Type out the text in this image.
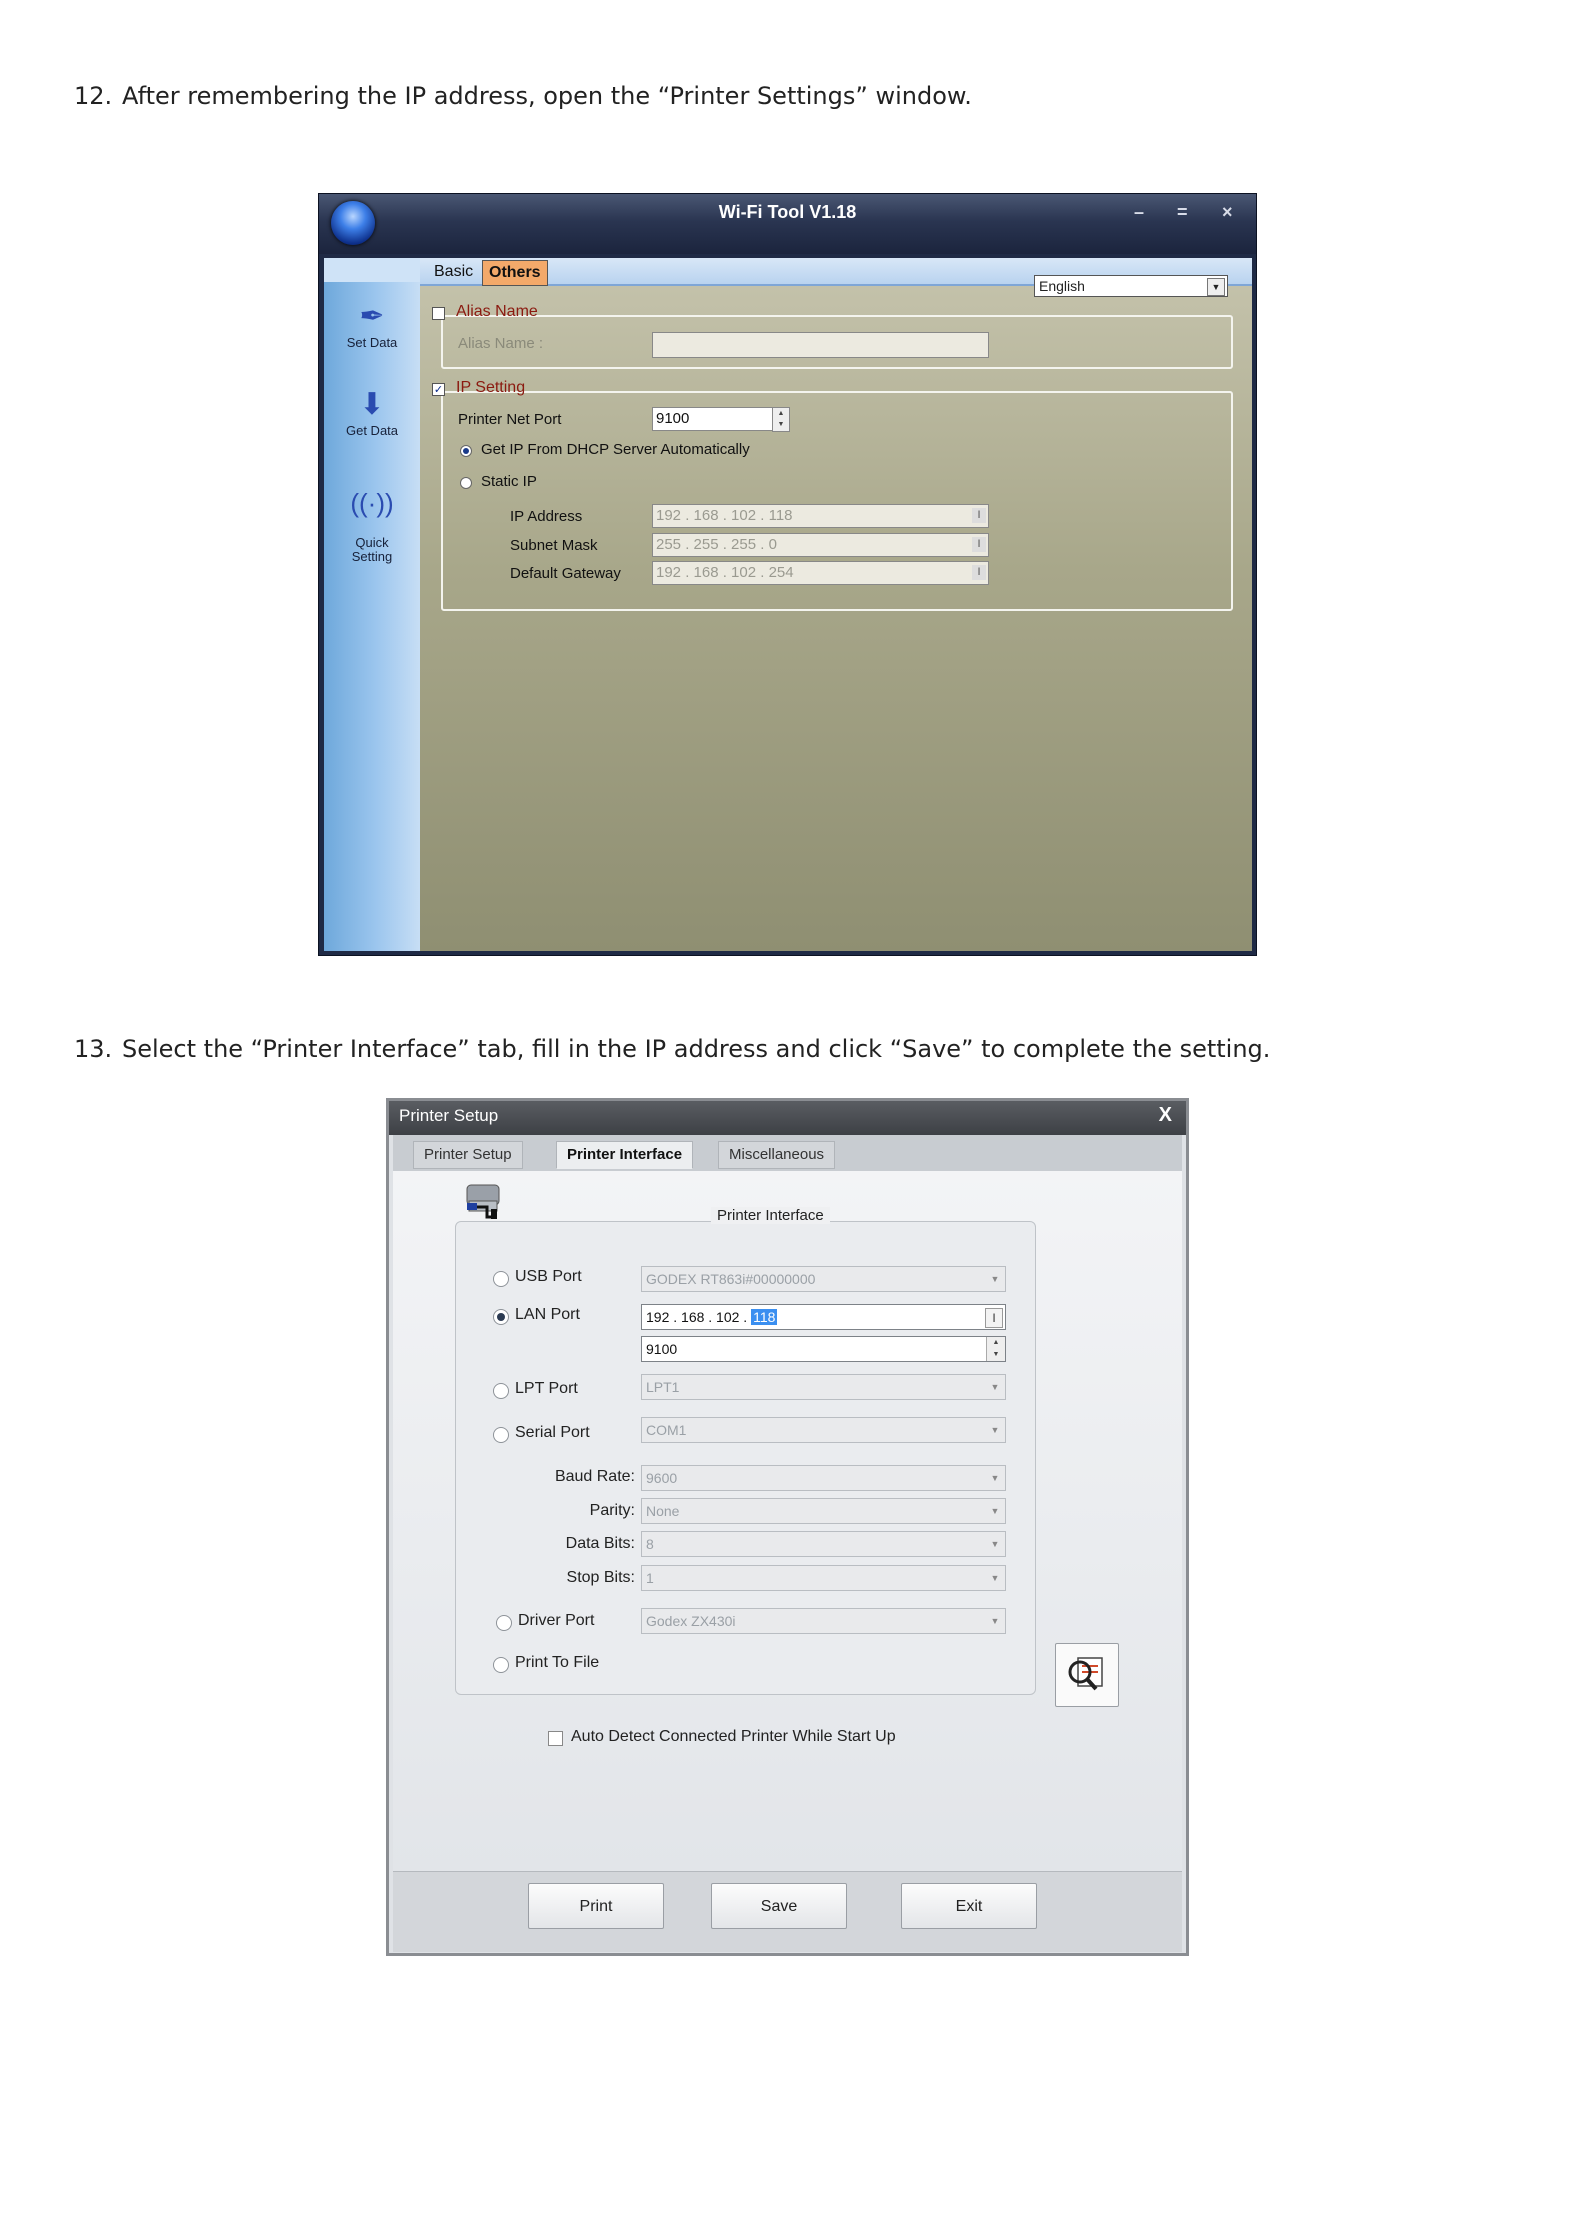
12. After remembering the IP address, open the “Printer Settings” window.
Wi-Fi Tool V1.18	– = ×
✒
Set Data
⬇
Get Data

((·))

Quick
Setting

Basic Others
English	▼
Alias Name
Alias Name :
✓ IP Setting
Printer Net Port	9100	▲
▼
Get IP From DHCP Server Automatically
Static IP
IP Address	192 . 168 . 102 . 118	I
Subnet Mask	255 . 255 . 255 . 0	I
Default Gateway 192 . 168 . 102 . 254	I
13. Select the “Printer Interface” tab, fill in the IP address and click “Save” to complete the setting.
Printer Setup	X
Printer Setup	Printer Interface	Miscellaneous
Printer Interface
USB Port	GODEX RT863i#00000000	▼
LAN Port	192 . 168 . 102 . 118	I
9100	▲
▼
LPT Port	LPT1	▼
Serial Port	COM1	▼
Baud Rate: 9600	▼
Parity: None	▼
Data Bits: 8	▼
Stop Bits: 1	▼
Driver Port	Godex ZX430i	▼
Print To File
Auto Detect Connected Printer While Start Up
Print	Save	Exit
